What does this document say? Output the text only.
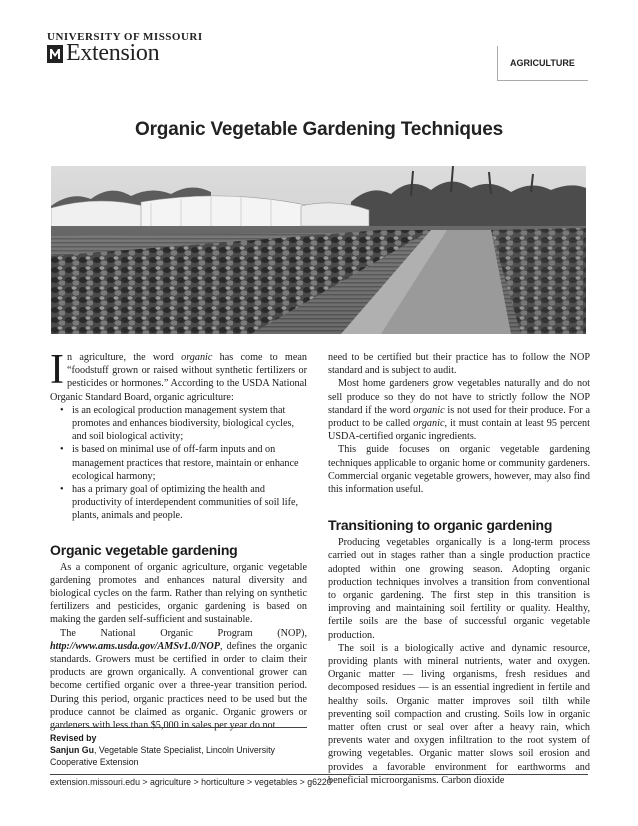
UNIVERSITY OF MISSOURI
Extension	AGRICULTURE
Organic Vegetable Gardening Techniques

In agriculture, the word organic has come to mean “foodstuff grown or raised without synthetic fertilizers or pesticides or hormones.” According to the USDA National Organic Standard Board, organic agriculture:

• is an ecological production management system that promotes and enhances biodiversity, biological cycles, and soil biological activity;
• is based on minimal use of off-farm inputs and on management practices that restore, maintain or enhance ecological harmony;
• has a primary goal of optimizing the health and productivity of interdependent communities of soil life, plants, animals and people.
Organic vegetable gardening

As a component of organic agriculture, organic vegetable gardening promotes and enhances natural diversity and biological cycles on the farm. Rather than relying on synthetic fertilizers and pesticides, organic gardening is based on making the garden self-sufficient and sustainable.

The National Organic Program (NOP), http://www.ams.usda.gov/AMSv1.0/NOP, defines the organic standards. Growers must be certified in order to claim their products are grown organically. A conventional grower can become certified organic over a three-year transition period. During this period, organic practices need to be used but the produce cannot be claimed as organic. Organic growers or gardeners with less than $5,000 in sales per year do not

need to be certified but their practice has to follow the NOP standard and is subject to audit.

Most home gardeners grow vegetables naturally and do not sell produce so they do not have to strictly follow the NOP standard if the word organic is not used for their produce. For a product to be called organic, it must contain at least 95 percent USDA-certified organic ingredients.

This guide focuses on organic vegetable gardening techniques applicable to organic home or community gardeners. Commercial organic vegetable growers, however, may also find this information useful.

Transitioning to organic gardening

Producing vegetables organically is a long-term process carried out in stages rather than a single production practice adopted within one growing season. Adopting organic production techniques involves a transition from conventional to organic gardening. The first step in this transition is improving and maintaining soil fertility or quality. Healthy, fertile soils are the base of successful organic vegetable production.

The soil is a biologically active and dynamic resource, providing plants with mineral nutrients, water and oxygen. Organic matter — living organisms, fresh residues and decomposed residues — is an essential ingredient in fertile and healthy soils. Organic matter improves soil tilth while preventing soil compaction and crusting. Soils low in organic matter often crust or seal over after a heavy rain, which prevents water and oxygen infiltration to the root system of growing vegetables. Organic matter slows soil erosion and provides a favorable environment for earthworms and beneficial microorganisms. Carbon dioxide

Revised by
Sanjun Gu, Vegetable State Specialist, Lincoln University Cooperative Extension
extension.missouri.edu > agriculture > horticulture > vegetables > g6220
